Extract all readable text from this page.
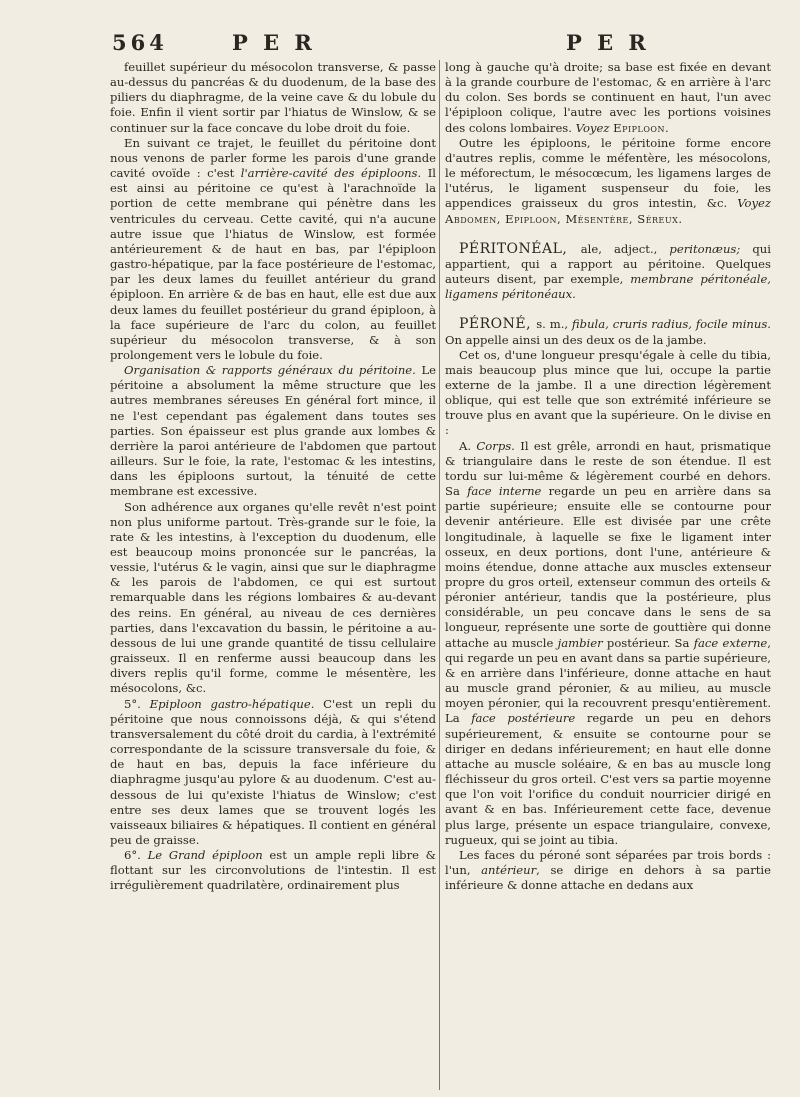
564	P E R	P E R

feuillet supérieur du mésocolon transverse, & passe au-dessus du pancréas & du duodenum, de la base des piliers du diaphragme, de la veine cave & du lobule du foie. Enfin il vient sortir par l'hiatus de Winslow, & se continuer sur la face concave du lobe droit du foie.

En suivant ce trajet, le feuillet du péritoine dont nous venons de parler forme les parois d'une grande cavité ovoïde : c'est l'arrière-cavité des épiploons. Il est ainsi au péritoine ce qu'est à l'arachnoïde la portion de cette membrane qui pénètre dans les ventricules du cerveau. Cette cavité, qui n'a aucune autre issue que l'hiatus de Winslow, est formée antérieurement & de haut en bas, par l'épiploon gastro-hépatique, par la face postérieure de l'estomac, par les deux lames du feuillet antérieur du grand épiploon. En arrière & de bas en haut, elle est due aux deux lames du feuillet postérieur du grand épiploon, à la face supérieure de l'arc du colon, au feuillet supérieur du mésocolon transverse, & à son prolongement vers le lobule du foie.

Organisation & rapports généraux du péritoine. Le péritoine a absolument la même structure que les autres membranes séreuses En général fort mince, il ne l'est cependant pas également dans toutes ses parties. Son épaisseur est plus grande aux lombes & derrière la paroi antérieure de l'abdomen que partout ailleurs. Sur le foie, la rate, l'estomac & les intestins, dans les épiploons surtout, la ténuité de cette membrane est excessive.

Son adhérence aux organes qu'elle revêt n'est point non plus uniforme partout. Très-grande sur le foie, la rate & les intestins, à l'exception du duodenum, elle est beaucoup moins prononcée sur le pancréas, la vessie, l'utérus & le vagin, ainsi que sur le diaphragme & les parois de l'abdomen, ce qui est surtout remarquable dans les régions lombaires & au-devant des reins. En général, au niveau de ces dernières parties, dans l'excavation du bassin, le péritoine a au-dessous de lui une grande quantité de tissu cellulaire graisseux. Il en renferme aussi beaucoup dans les divers replis qu'il forme, comme le mésentère, les mésocolons, &c.

5°. Epiploon gastro-hépatique. C'est un repli du péritoine que nous connoissons déjà, & qui s'étend transversalement du côté droit du cardia, à l'extrémité correspondante de la scissure transversale du foie, & de haut en bas, depuis la face inférieure du diaphragme jusqu'au pylore & au duodenum. C'est au-dessous de lui qu'existe l'hiatus de Winslow; c'est entre ses deux lames que se trouvent logés les vaisseaux biliaires & hépatiques. Il contient en général peu de graisse.

6°. Le Grand épiploon est un ample repli libre & flottant sur les circonvolutions de l'intestin. Il est irrégulièrement quadrilatère, ordinairement plus

long à gauche qu'à droite; sa base est fixée en devant à la grande courbure de l'estomac, & en arrière à l'arc du colon. Ses bords se continuent en haut, l'un avec l'épiploon colique, l'autre avec les portions voisines des colons lombaires. Voyez Epiploon.

Outre les épiploons, le péritoine forme encore d'autres replis, comme le méfentère, les mésocolons, le méforectum, le mésocœcum, les ligamens larges de l'utérus, le ligament suspenseur du foie, les appendices graisseux du gros intestin, &c. Voyez Abdomen, Epiploon, Mésentère, Séreux.

PÉRITONÉAL, ale, adject., peritonæus; qui appartient, qui a rapport au péritoine. Quelques auteurs disent, par exemple, membrane péritonéale, ligamens péritonéaux.

PÉRONÉ, s. m., fibula, cruris radius, focile minus. On appelle ainsi un des deux os de la jambe.

Cet os, d'une longueur presqu'égale à celle du tibia, mais beaucoup plus mince que lui, occupe la partie externe de la jambe. Il a une direction légèrement oblique, qui est telle que son extrémité inférieure se trouve plus en avant que la supérieure. On le divise en :

A. Corps. Il est grêle, arrondi en haut, prismatique & triangulaire dans le reste de son étendue. Il est tordu sur lui-même & légèrement courbé en dehors. Sa face interne regarde un peu en arrière dans sa partie supérieure; ensuite elle se contourne pour devenir antérieure. Elle est divisée par une crête longitudinale, à laquelle se fixe le ligament inter osseux, en deux portions, dont l'une, antérieure & moins étendue, donne attache aux muscles extenseur propre du gros orteil, extenseur commun des orteils & péronier antérieur, tandis que la postérieure, plus considérable, un peu concave dans le sens de sa longueur, représente une sorte de gouttière qui donne attache au muscle jambier postérieur. Sa face externe, qui regarde un peu en avant dans sa partie supérieure, & en arrière dans l'inférieure, donne attache en haut au muscle grand péronier, & au milieu, au muscle moyen péronier, qui la recouvrent presqu'entièrement. La face postérieure regarde un peu en dehors supérieurement, & ensuite se contourne pour se diriger en dedans inférieurement; en haut elle donne attache au muscle soléaire, & en bas au muscle long fléchisseur du gros orteil. C'est vers sa partie moyenne que l'on voit l'orifice du conduit nourricier dirigé en avant & en bas. Inférieurement cette face, devenue plus large, présente un espace triangulaire, convexe, rugueux, qui se joint au tibia.

Les faces du péroné sont séparées par trois bords : l'un, antérieur, se dirige en dehors à sa partie inférieure & donne attache en dedans aux
